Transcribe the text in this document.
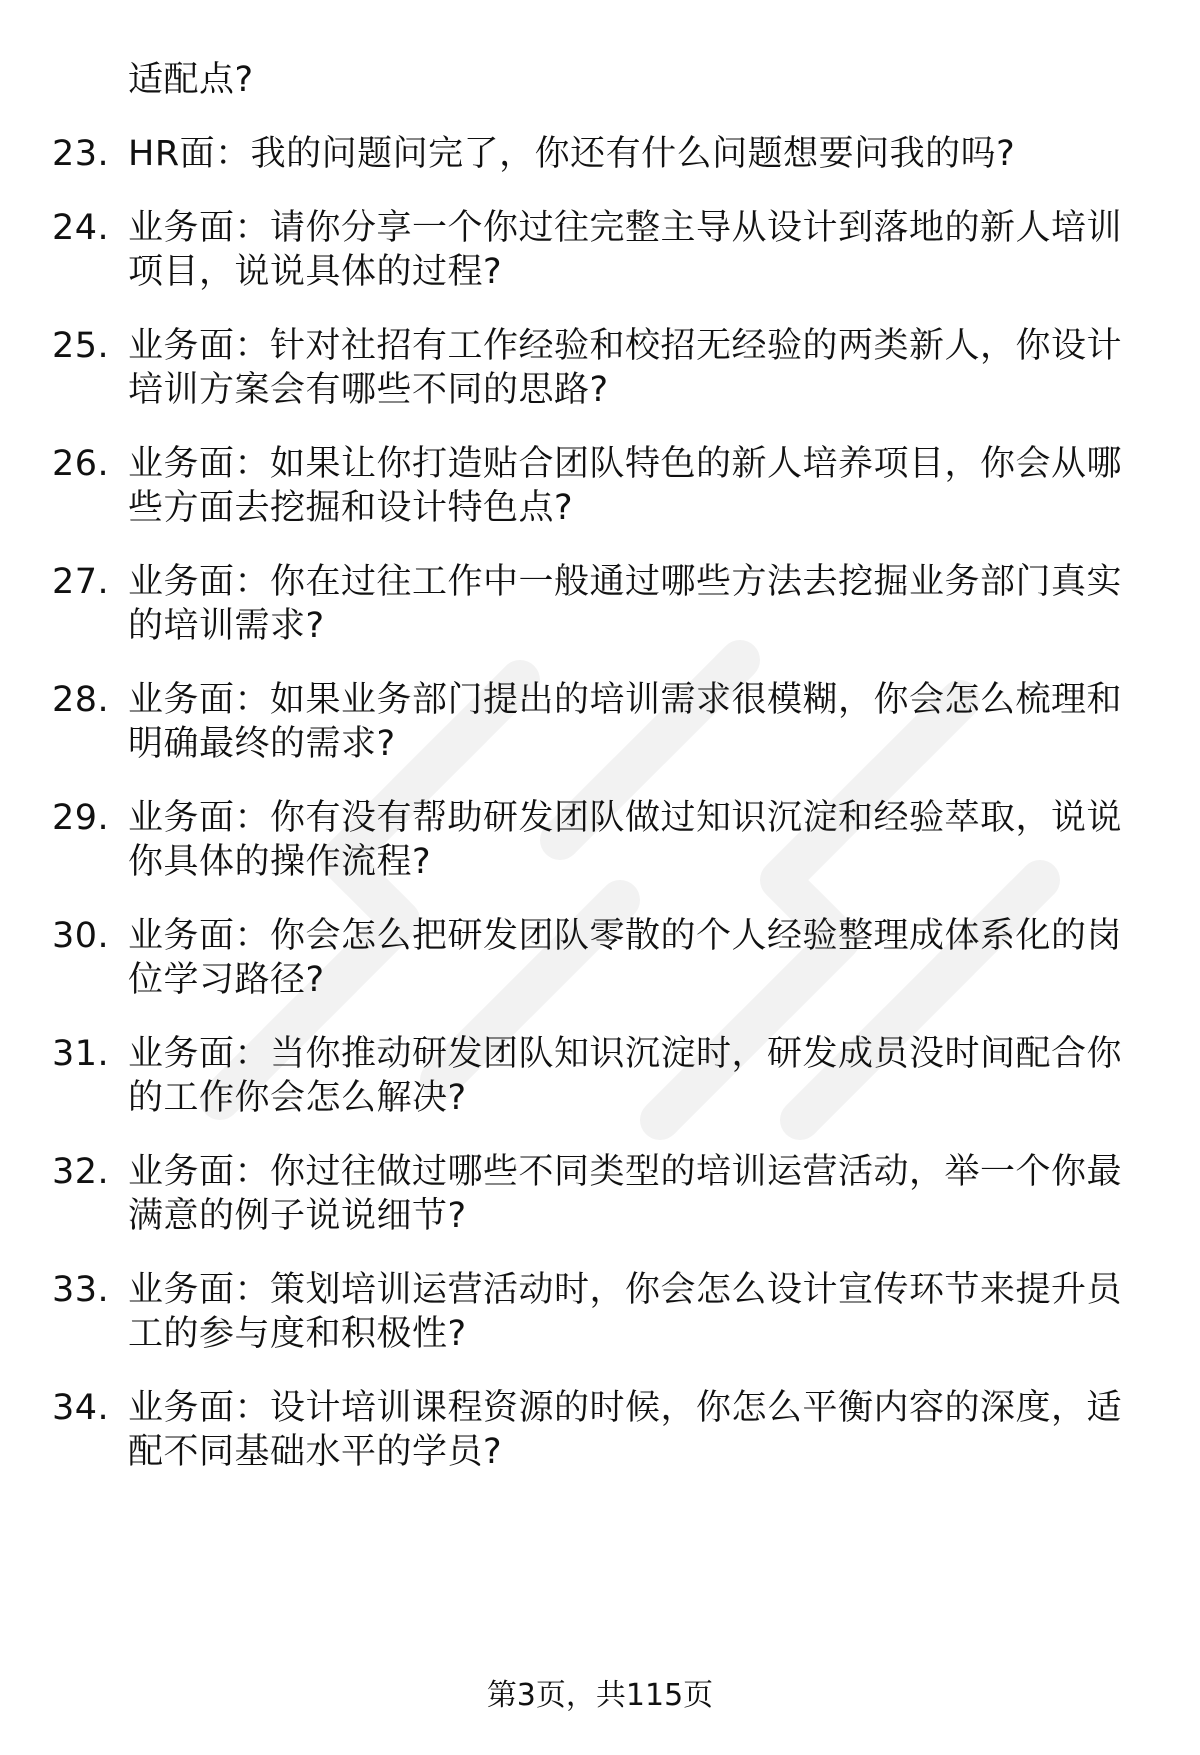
适配点?
23. HR面：我的问题问完了，你还有什么问题想要问我的吗?
24. 业务面：请你分享一个你过往完整主导从设计到落地的新人培训
项目，说说具体的过程?
25. 业务面：针对社招有工作经验和校招无经验的两类新人，你设计
培训方案会有哪些不同的思路?
26. 业务面：如果让你打造贴合团队特色的新人培养项目，你会从哪
些方面去挖掘和设计特色点?
27. 业务面：你在过往工作中一般通过哪些方法去挖掘业务部门真实
的培训需求?
28. 业务面：如果业务部门提出的培训需求很模糊，你会怎么梳理和
明确最终的需求?
29. 业务面：你有没有帮助研发团队做过知识沉淀和经验萃取，说说
你具体的操作流程?
30. 业务面：你会怎么把研发团队零散的个人经验整理成体系化的岗
位学习路径?
31. 业务面：当你推动研发团队知识沉淀时，研发成员没时间配合你
的工作你会怎么解决?
32. 业务面：你过往做过哪些不同类型的培训运营活动，举一个你最
满意的例子说说细节?
33. 业务面：策划培训运营活动时，你会怎么设计宣传环节来提升员
工的参与度和积极性?
34. 业务面：设计培训课程资源的时候，你怎么平衡内容的深度，适
配不同基础水平的学员?
第3页，共115页
